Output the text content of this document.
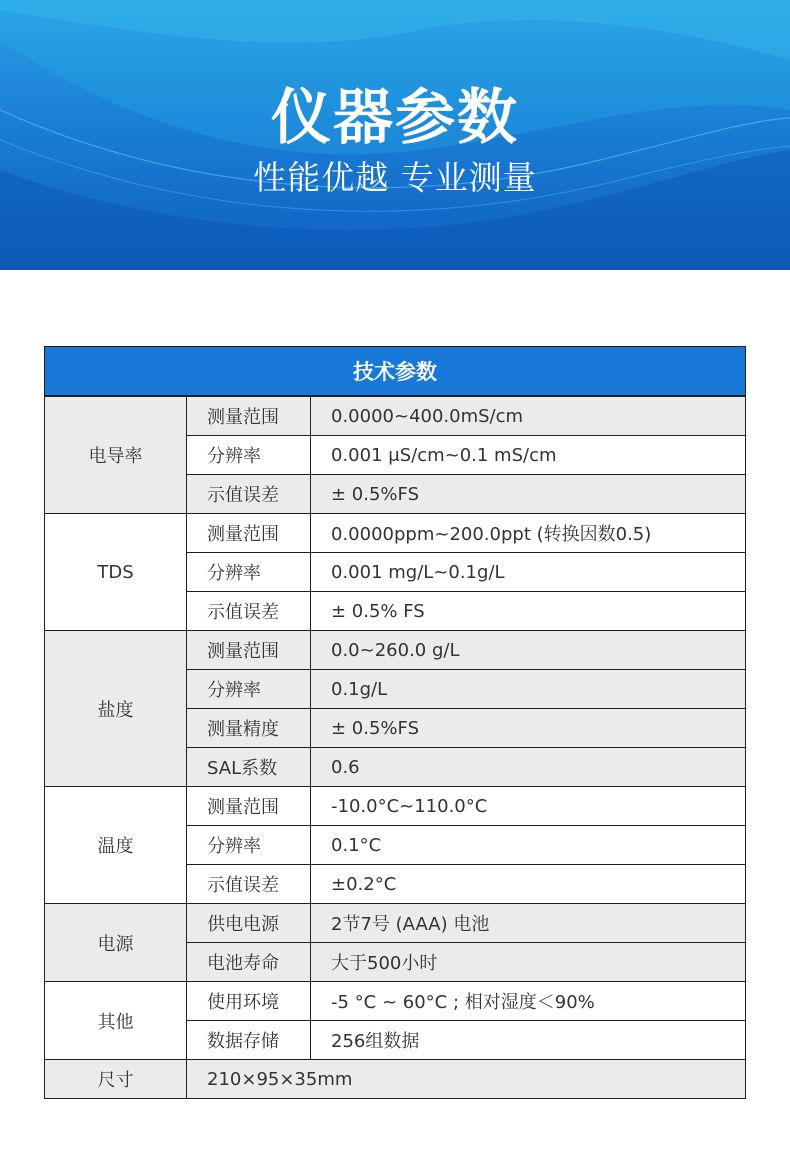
仪器参数
性能优越 专业测量
技术参数		
电导率	测量范围	0.0000~400.0mS/cm
	分辨率	0.001 μS/cm~0.1 mS/cm
	示值误差	± 0.5%FS
TDS	测量范围	0.0000ppm~200.0ppt (转换因数0.5)
	分辨率	0.001 mg/L~0.1g/L
	示值误差	± 0.5% FS
盐度	测量范围	0.0~260.0 g/L
	分辨率	0.1g/L
	测量精度	± 0.5%FS
	SAL系数	0.6
温度	测量范围	-10.0°C~110.0°C
	分辨率	0.1°C
	示值误差	±0.2°C
电源	供电电源	2节7号 (AAA) 电池
	电池寿命	大于500小时
其他	使用环境	-5 °C ~ 60°C ; 相对湿度＜90%
	数据存储	256组数据
尺寸	210×95×35mm	
